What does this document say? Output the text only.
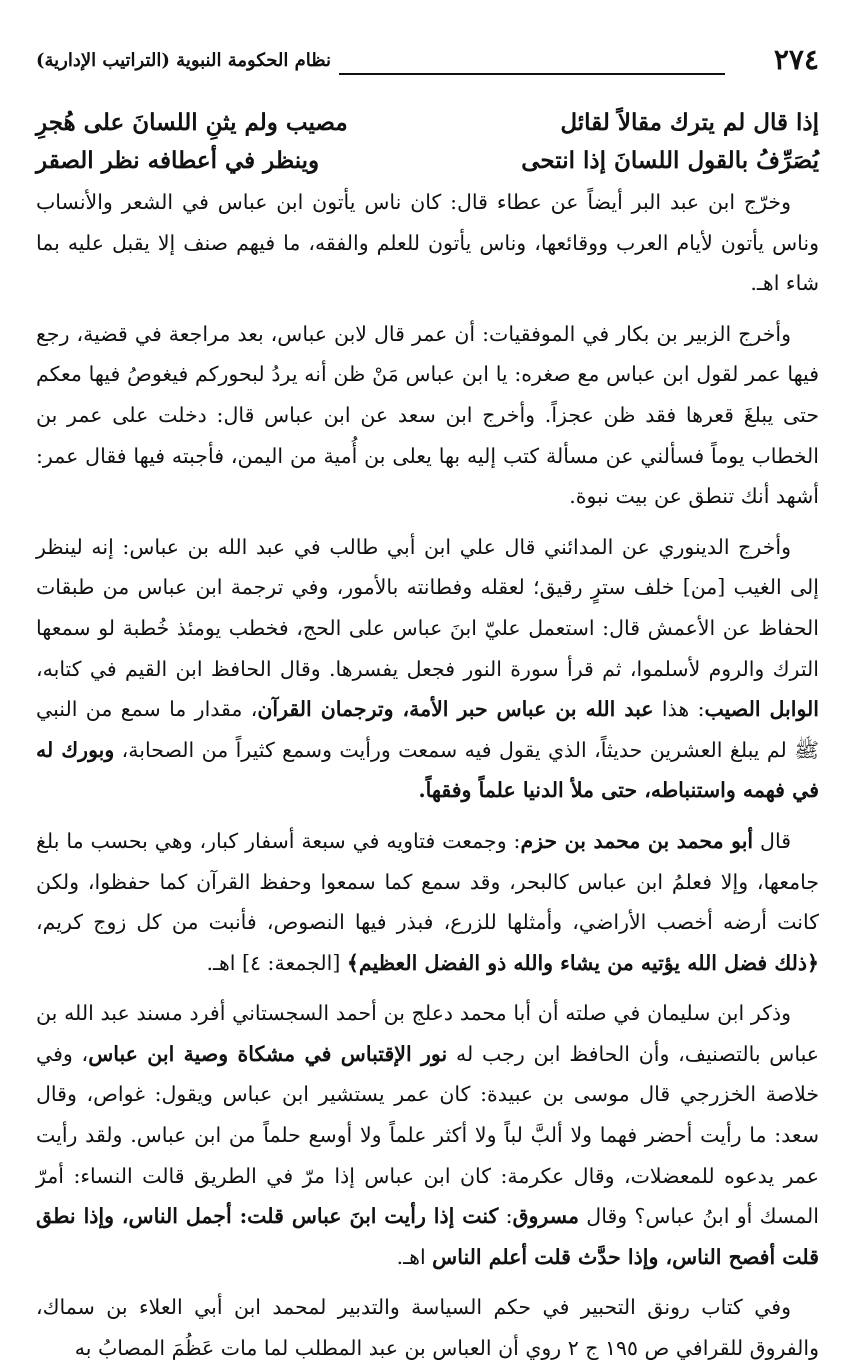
٢٧٤
نظام الحكومة النبوية (التراتيب الإدارية)
إذا قال لم يترك مقالاً لقائل
مصيب ولم يثنِ اللسانَ على هُجرِ
يُصَرِّفُ بالقول اللسانَ إذا انتحى
وينظر في أعطافه نظر الصقر

وخرّج ابن عبد البر أيضاً عن عطاء قال: كان ناس يأتون ابن عباس في الشعر والأنساب وناس يأتون لأيام العرب ووقائعها، وناس يأتون للعلم والفقه، ما فيهم صنف إلا يقبل عليه بما شاء اهـ.

وأخرج الزبير بن بكار في الموفقيات: أن عمر قال لابن عباس، بعد مراجعة في قضية، رجع فيها عمر لقول ابن عباس مع صغره: يا ابن عباس مَنْ ظن أنه يردُ لبحوركم فيغوصُ فيها معكم حتى يبلغَ قعرها فقد ظن عجزاً. وأخرج ابن سعد عن ابن عباس قال: دخلت على عمر بن الخطاب يوماً فسألني عن مسألة كتب إليه بها يعلى بن أُمية من اليمن، فأجبته فيها فقال عمر: أشهد أنك تنطق عن بيت نبوة.

وأخرج الدينوري عن المدائني قال علي ابن أبي طالب في عبد الله بن عباس: إنه لينظر إلى الغيب [من] خلف سترٍ رقيق؛ لعقله وفطانته بالأمور، وفي ترجمة ابن عباس من طبقات الحفاظ عن الأعمش قال: استعمل عليّ ابنَ عباس على الحج، فخطب يومئذ خُطبة لو سمعها الترك والروم لأسلموا، ثم قرأ سورة النور فجعل يفسرها. وقال الحافظ ابن القيم في كتابه، الوابل الصيب: هذا عبد الله بن عباس حبر الأمة، وترجمان القرآن، مقدار ما سمع من النبي ﷺ لم يبلغ العشرين حديثاً، الذي يقول فيه سمعت ورأيت وسمع كثيراً من الصحابة، وبورك له في فهمه واستنباطه، حتى ملأ الدنيا علماً وفقهاً.

قال أبو محمد بن محمد بن حزم: وجمعت فتاويه في سبعة أسفار كبار، وهي بحسب ما بلغ جامعها، وإلا فعلمُ ابن عباس كالبحر، وقد سمع كما سمعوا وحفظ القرآن كما حفظوا، ولكن كانت أرضه أخصب الأراضي، وأمثلها للزرع، فبذر فيها النصوص، فأنبت من كل زوج كريم، ﴿ذلك فضل الله يؤتيه من يشاء والله ذو الفضل العظيم﴾ [الجمعة: ٤] اهـ.

وذكر ابن سليمان في صلته أن أبا محمد دعلج بن أحمد السجستاني أفرد مسند عبد الله بن عباس بالتصنيف، وأن الحافظ ابن رجب له نور الإقتباس في مشكاة وصية ابن عباس، وفي خلاصة الخزرجي قال موسى بن عبيدة: كان عمر يستشير ابن عباس ويقول: غواص، وقال سعد: ما رأيت أحضر فهما ولا ألبَّ لباً ولا أكثر علماً ولا أوسع حلماً من ابن عباس. ولقد رأيت عمر يدعوه للمعضلات، وقال عكرمة: كان ابن عباس إذا مرّ في الطريق قالت النساء: أمرّ المسك أو ابنُ عباس؟ وقال مسروق: كنت إذا رأيت ابنَ عباس قلت: أجمل الناس، وإذا نطق قلت أفصح الناس، وإذا حدَّث قلت أعلم الناس اهـ.

وفي كتاب رونق التحبير في حكم السياسة والتدبير لمحمد ابن أبي العلاء بن سماك، والفروق للقرافي ص ١٩٥ ج ٢ روي أن العباس بن عبد المطلب لما مات عَظُمَ المصابُ به
